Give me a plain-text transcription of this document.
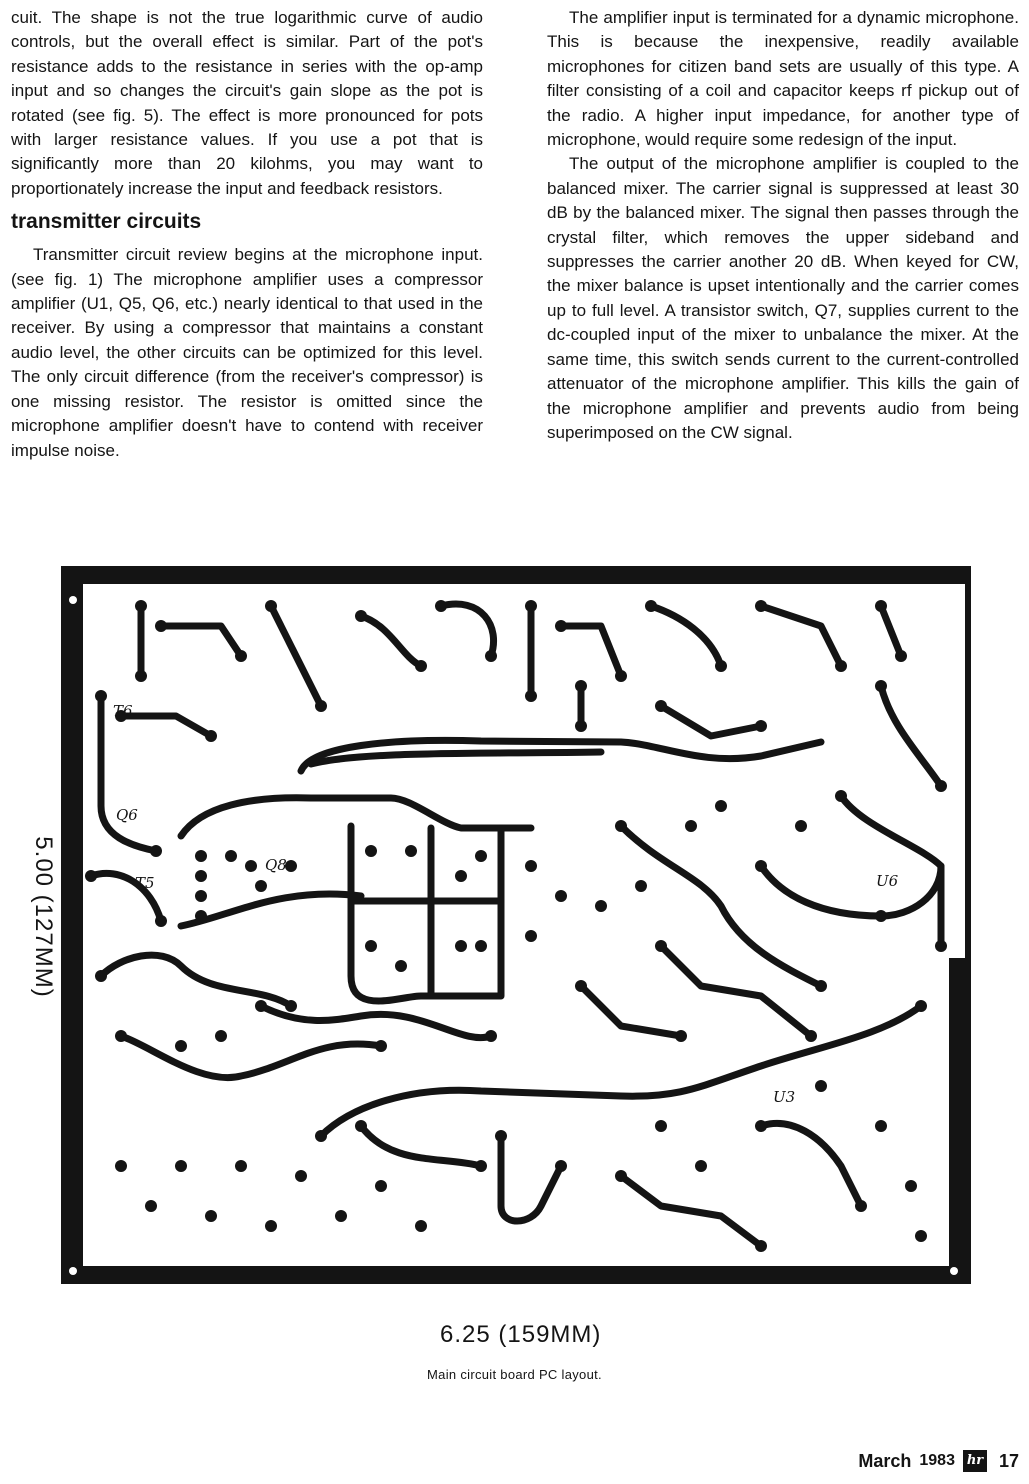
cuit. The shape is not the true logarithmic curve of audio controls, but the overall effect is similar. Part of the pot's resistance adds to the resistance in series with the op-amp input and so changes the circuit's gain slope as the pot is rotated (see fig. 5). The effect is more pronounced for pots with larger resistance values. If you use a pot that is significantly more than 20 kilohms, you may want to proportionately increase the input and feedback resistors.

transmitter circuits

Transmitter circuit review begins at the microphone input. (see fig. 1) The microphone amplifier uses a compressor amplifier (U1, Q5, Q6, etc.) nearly identical to that used in the receiver. By using a compressor that maintains a constant audio level, the other circuits can be optimized for this level. The only circuit difference (from the receiver's compressor) is one missing resistor. The resistor is omitted since the microphone amplifier doesn't have to contend with receiver impulse noise.

The amplifier input is terminated for a dynamic microphone. This is because the inexpensive, readily available microphones for citizen band sets are usually of this type. A filter consisting of a coil and capacitor keeps rf pickup out of the radio. A higher input impedance, for another type of microphone, would require some redesign of the input.

The output of the microphone amplifier is coupled to the balanced mixer. The carrier signal is suppressed at least 30 dB by the balanced mixer. The signal then passes through the crystal filter, which removes the upper sideband and suppresses the carrier another 20 dB. When keyed for CW, the mixer balance is upset intentionally and the carrier comes up to full level. A transistor switch, Q7, supplies current to the dc-coupled input of the mixer to unbalance the mixer. At the same time, this switch sends current to the current-controlled attenuator of the microphone amplifier. This kills the gain of the microphone amplifier and prevents audio from being superimposed on the CW signal.

Q6
Q8
T5	U6
U3
T6
5.00 (127MM)
6.25 (159MM)
Main circuit board PC layout.
March 1983 hr 17
